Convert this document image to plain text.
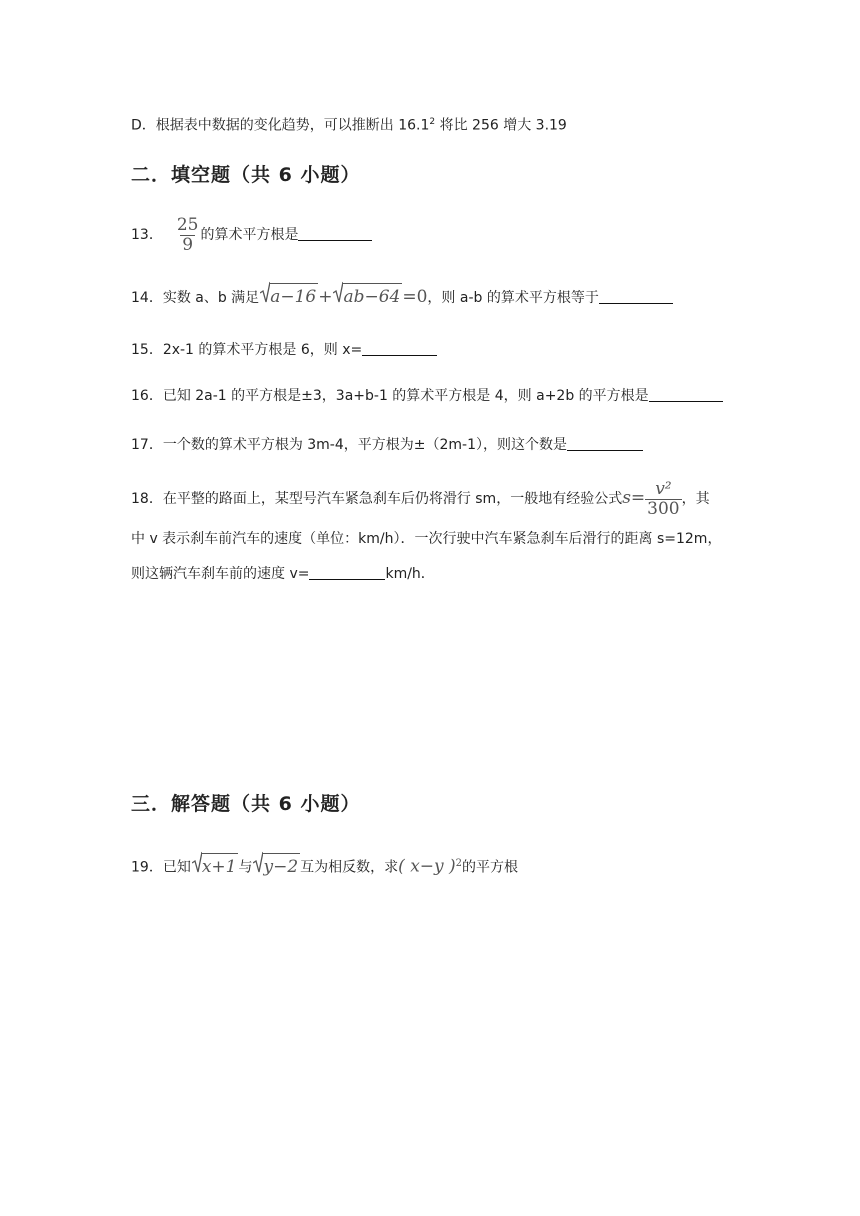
D．根据表中数据的变化趋势，可以推断出 16.1$^2$ 将比 256 增大 3.19
二．填空题（共 6 小题）
13． $\frac{25}{9}$ 的算术平方根是
14．实数 a、b 满足 a−16 + ab−64 =0，则 a-b 的算术平方根等于
15．2x-1 的算术平方根是 6，则 x=
16．已知 2a-1 的平方根是±3，3a+b-1 的算术平方根是 4，则 a+2b 的平方根是
17．一个数的算术平方根为 3m-4，平方根为±（2m-1），则这个数是
18．在平整的路面上，某型号汽车紧急刹车后仍将滑行 sm，一般地有经验公式$s= \frac{\text{v²}}{300}$ ，其
中 v 表示刹车前汽车的速度（单位：km/h）．一次行驶中汽车紧急刹车后滑行的距离 s=12m，
则这辆汽车刹车前的速度 v=	km/h．
三．解答题（共 6 小题）
19．已知 x+1 与 y−2 互为相反数，求( x−y )$^2$的平方根
